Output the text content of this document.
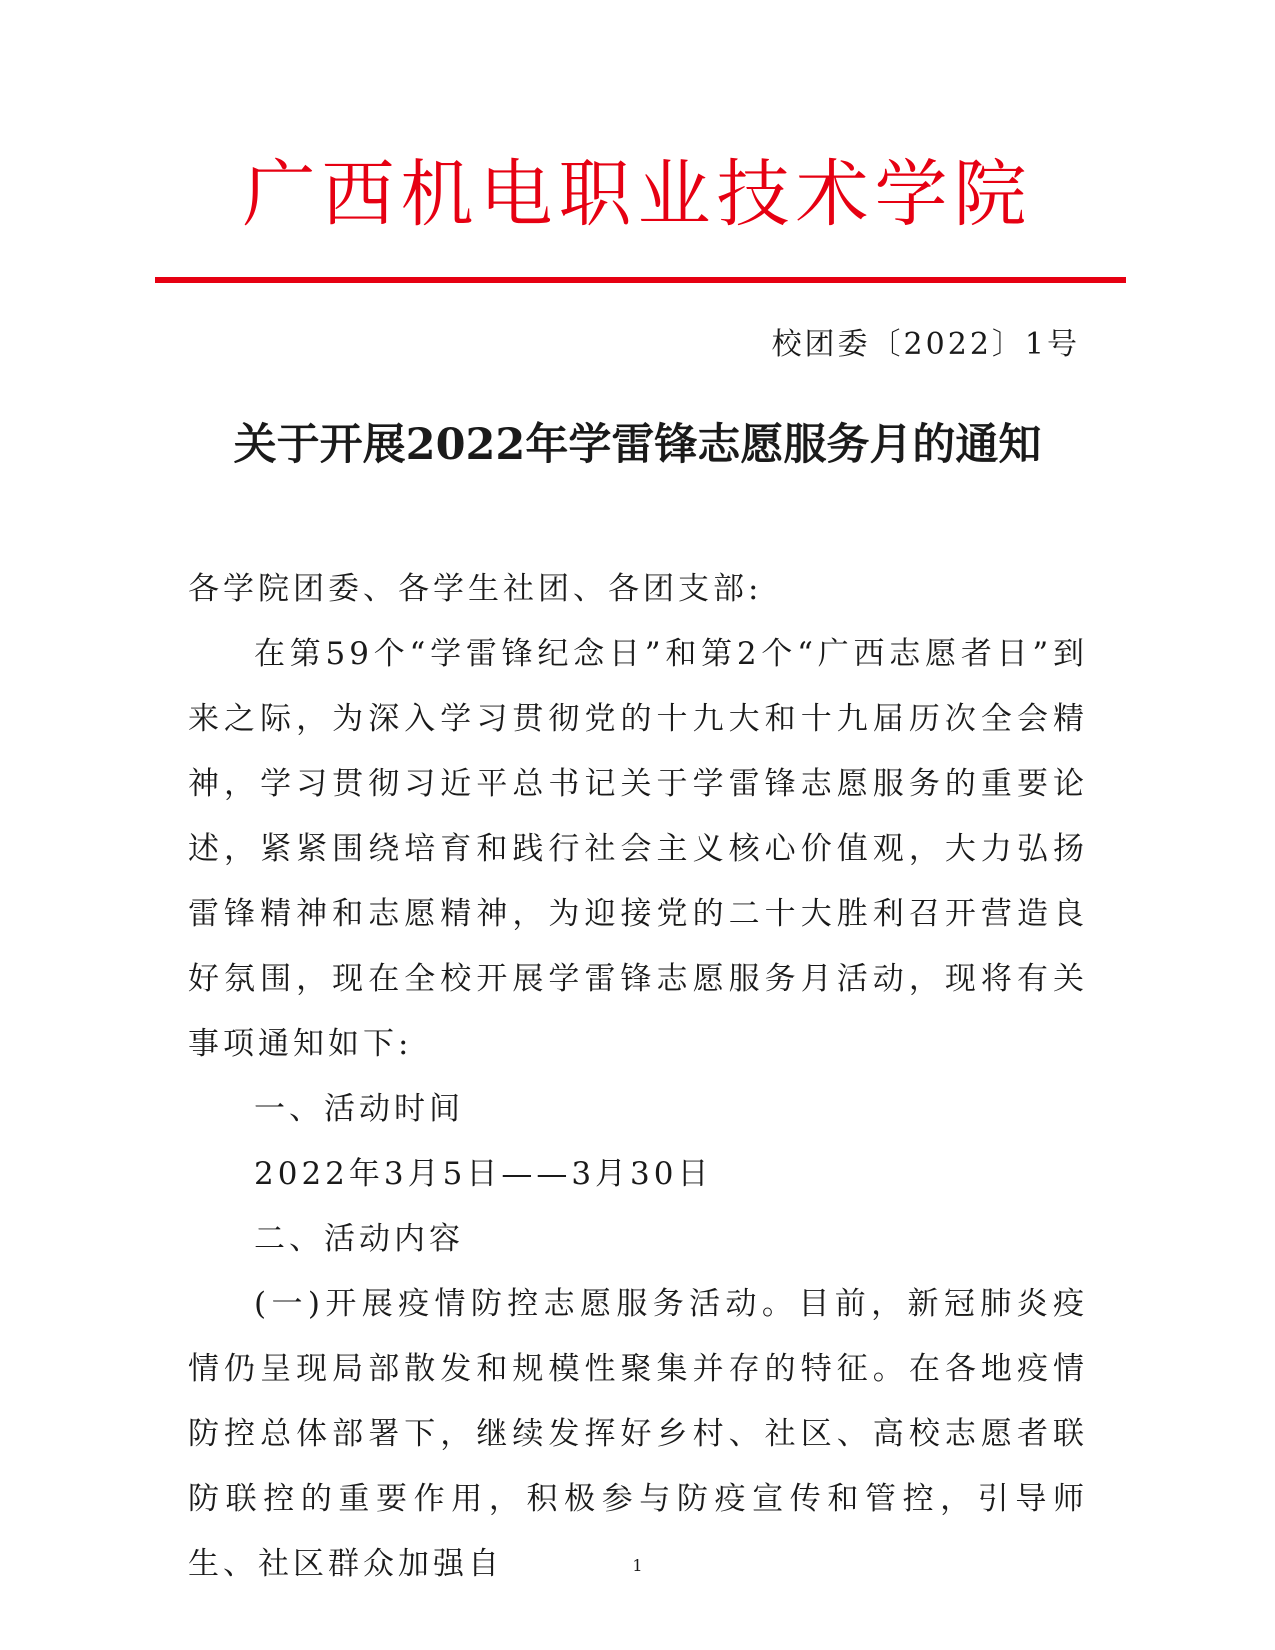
广西机电职业技术学院
校团委〔2022〕1号
关于开展2022年学雷锋志愿服务月的通知

各学院团委、各学生社团、各团支部:

在第59个“学雷锋纪念日”和第2个“广西志愿者日”到来之际，为深入学习贯彻党的十九大和十九届历次全会精神，学习贯彻习近平总书记关于学雷锋志愿服务的重要论述，紧紧围绕培育和践行社会主义核心价值观，大力弘扬雷锋精神和志愿精神，为迎接党的二十大胜利召开营造良好氛围，现在全校开展学雷锋志愿服务月活动，现将有关事项通知如下:

一、活动时间

2022年3月5日——3月30日

二、活动内容

(一)开展疫情防控志愿服务活动。目前，新冠肺炎疫情仍呈现局部散发和规模性聚集并存的特征。在各地疫情防控总体部署下，继续发挥好乡村、社区、高校志愿者联防联控的重要作用，积极参与防疫宣传和管控，引导师生、社区群众加强自	1
